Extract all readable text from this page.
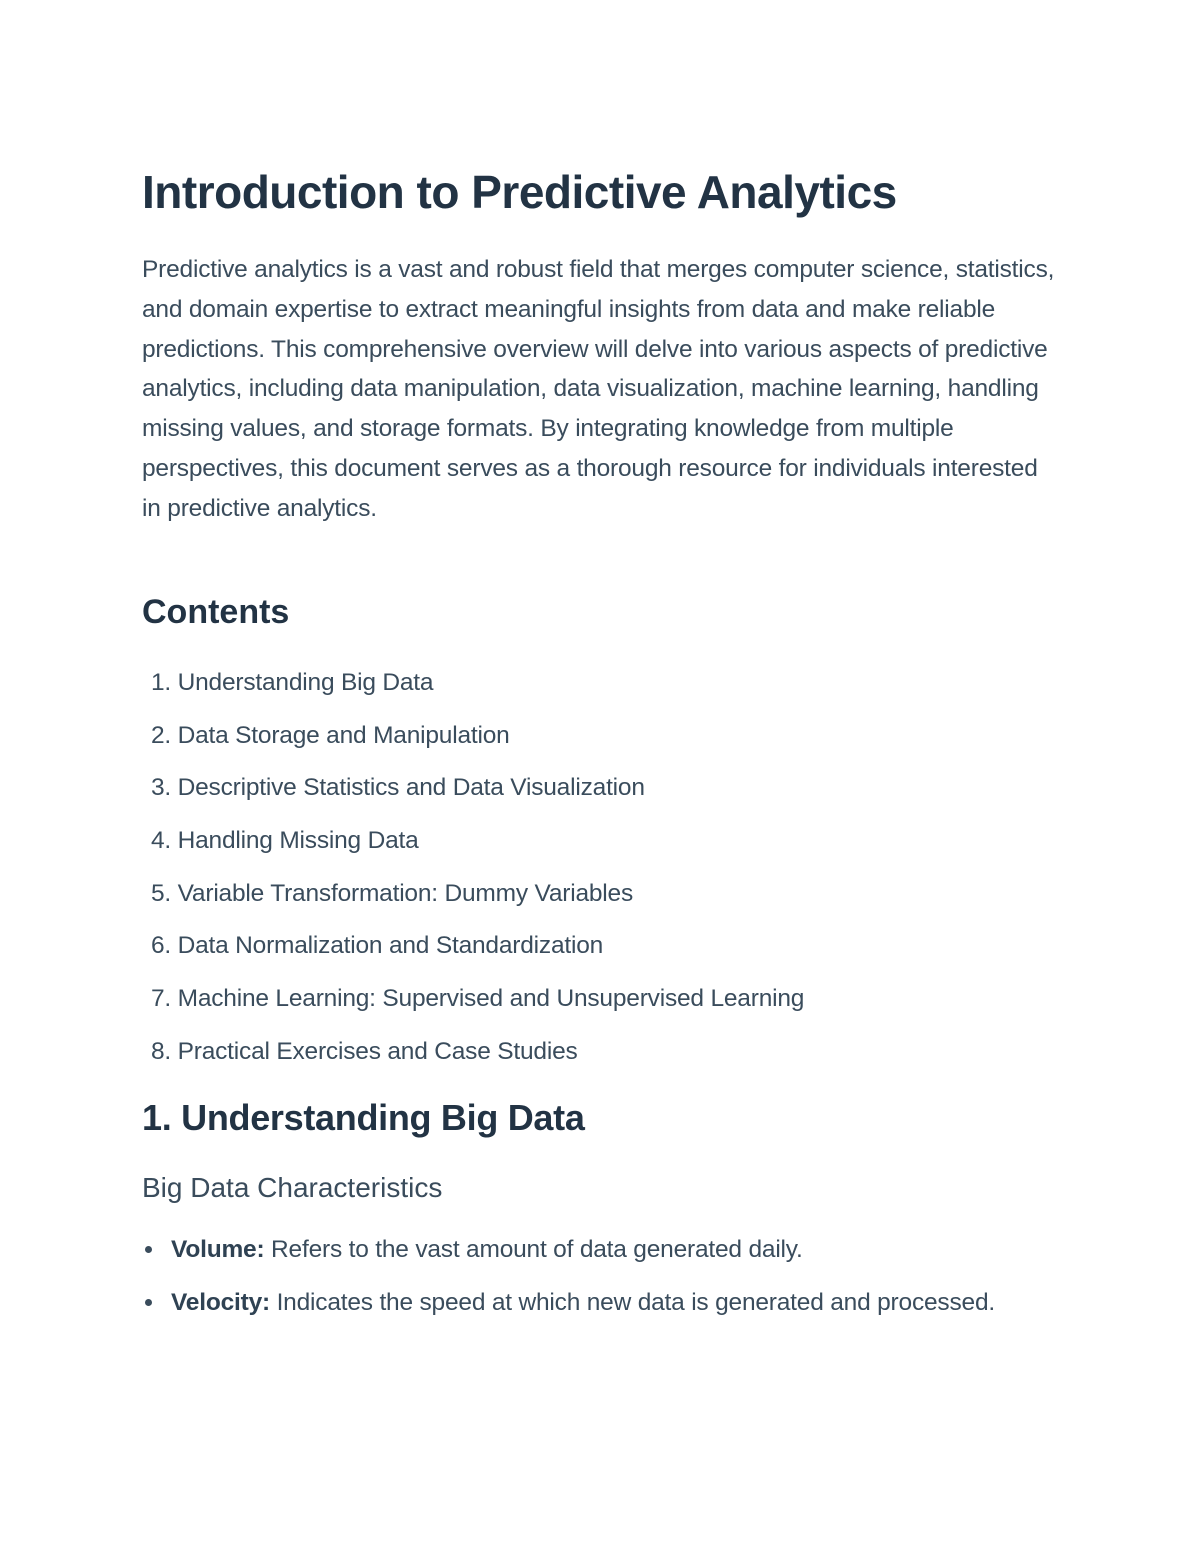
Introduction to Predictive Analytics

Predictive analytics is a vast and robust field that merges computer science, statistics, and domain expertise to extract meaningful insights from data and make reliable predictions. This comprehensive overview will delve into various aspects of predictive analytics, including data manipulation, data visualization, machine learning, handling missing values, and storage formats. By integrating knowledge from multiple perspectives, this document serves as a thorough resource for individuals interested in predictive analytics.

Contents
1. Understanding Big Data
2. Data Storage and Manipulation
3. Descriptive Statistics and Data Visualization
4. Handling Missing Data
5. Variable Transformation: Dummy Variables
6. Data Normalization and Standardization
7. Machine Learning: Supervised and Unsupervised Learning
8. Practical Exercises and Case Studies
1. Understanding Big Data
Big Data Characteristics
Volume: Refers to the vast amount of data generated daily.
Velocity: Indicates the speed at which new data is generated and processed.
